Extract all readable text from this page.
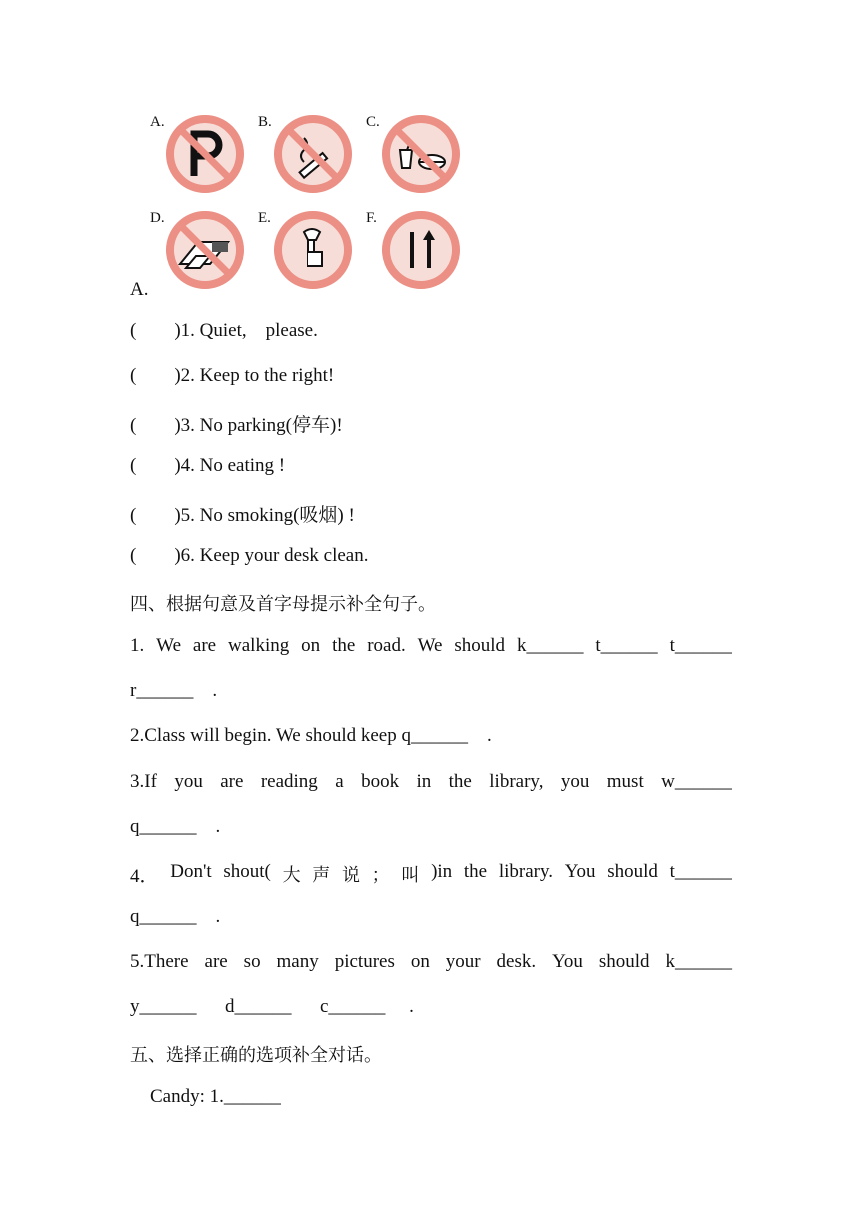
A.	B.	C.
D.	E.	F.
A.
(        )1. Quiet,    please.
(        )2. Keep to the right!
(        )3. No parking(停车)!
(        )4. No eating !
(        )5. No smoking(吸烟) !
(        )6. Keep your desk clean.
四、根据句意及首字母提示补全句子。
1. We are walking on the road. We should k______ t______ t______
r______    .
2.Class will begin. We should keep q______    .
3.If you are reading a book in the library, you must w______
q______    .
4． Don't shout( 大 声 说 ； 叫 )in the library. You should t______
q______    .
5.There are so many pictures on your desk. You should k______
y______      d______      c______     .
五、选择正确的选项补全对话。
Candy: 1.______
